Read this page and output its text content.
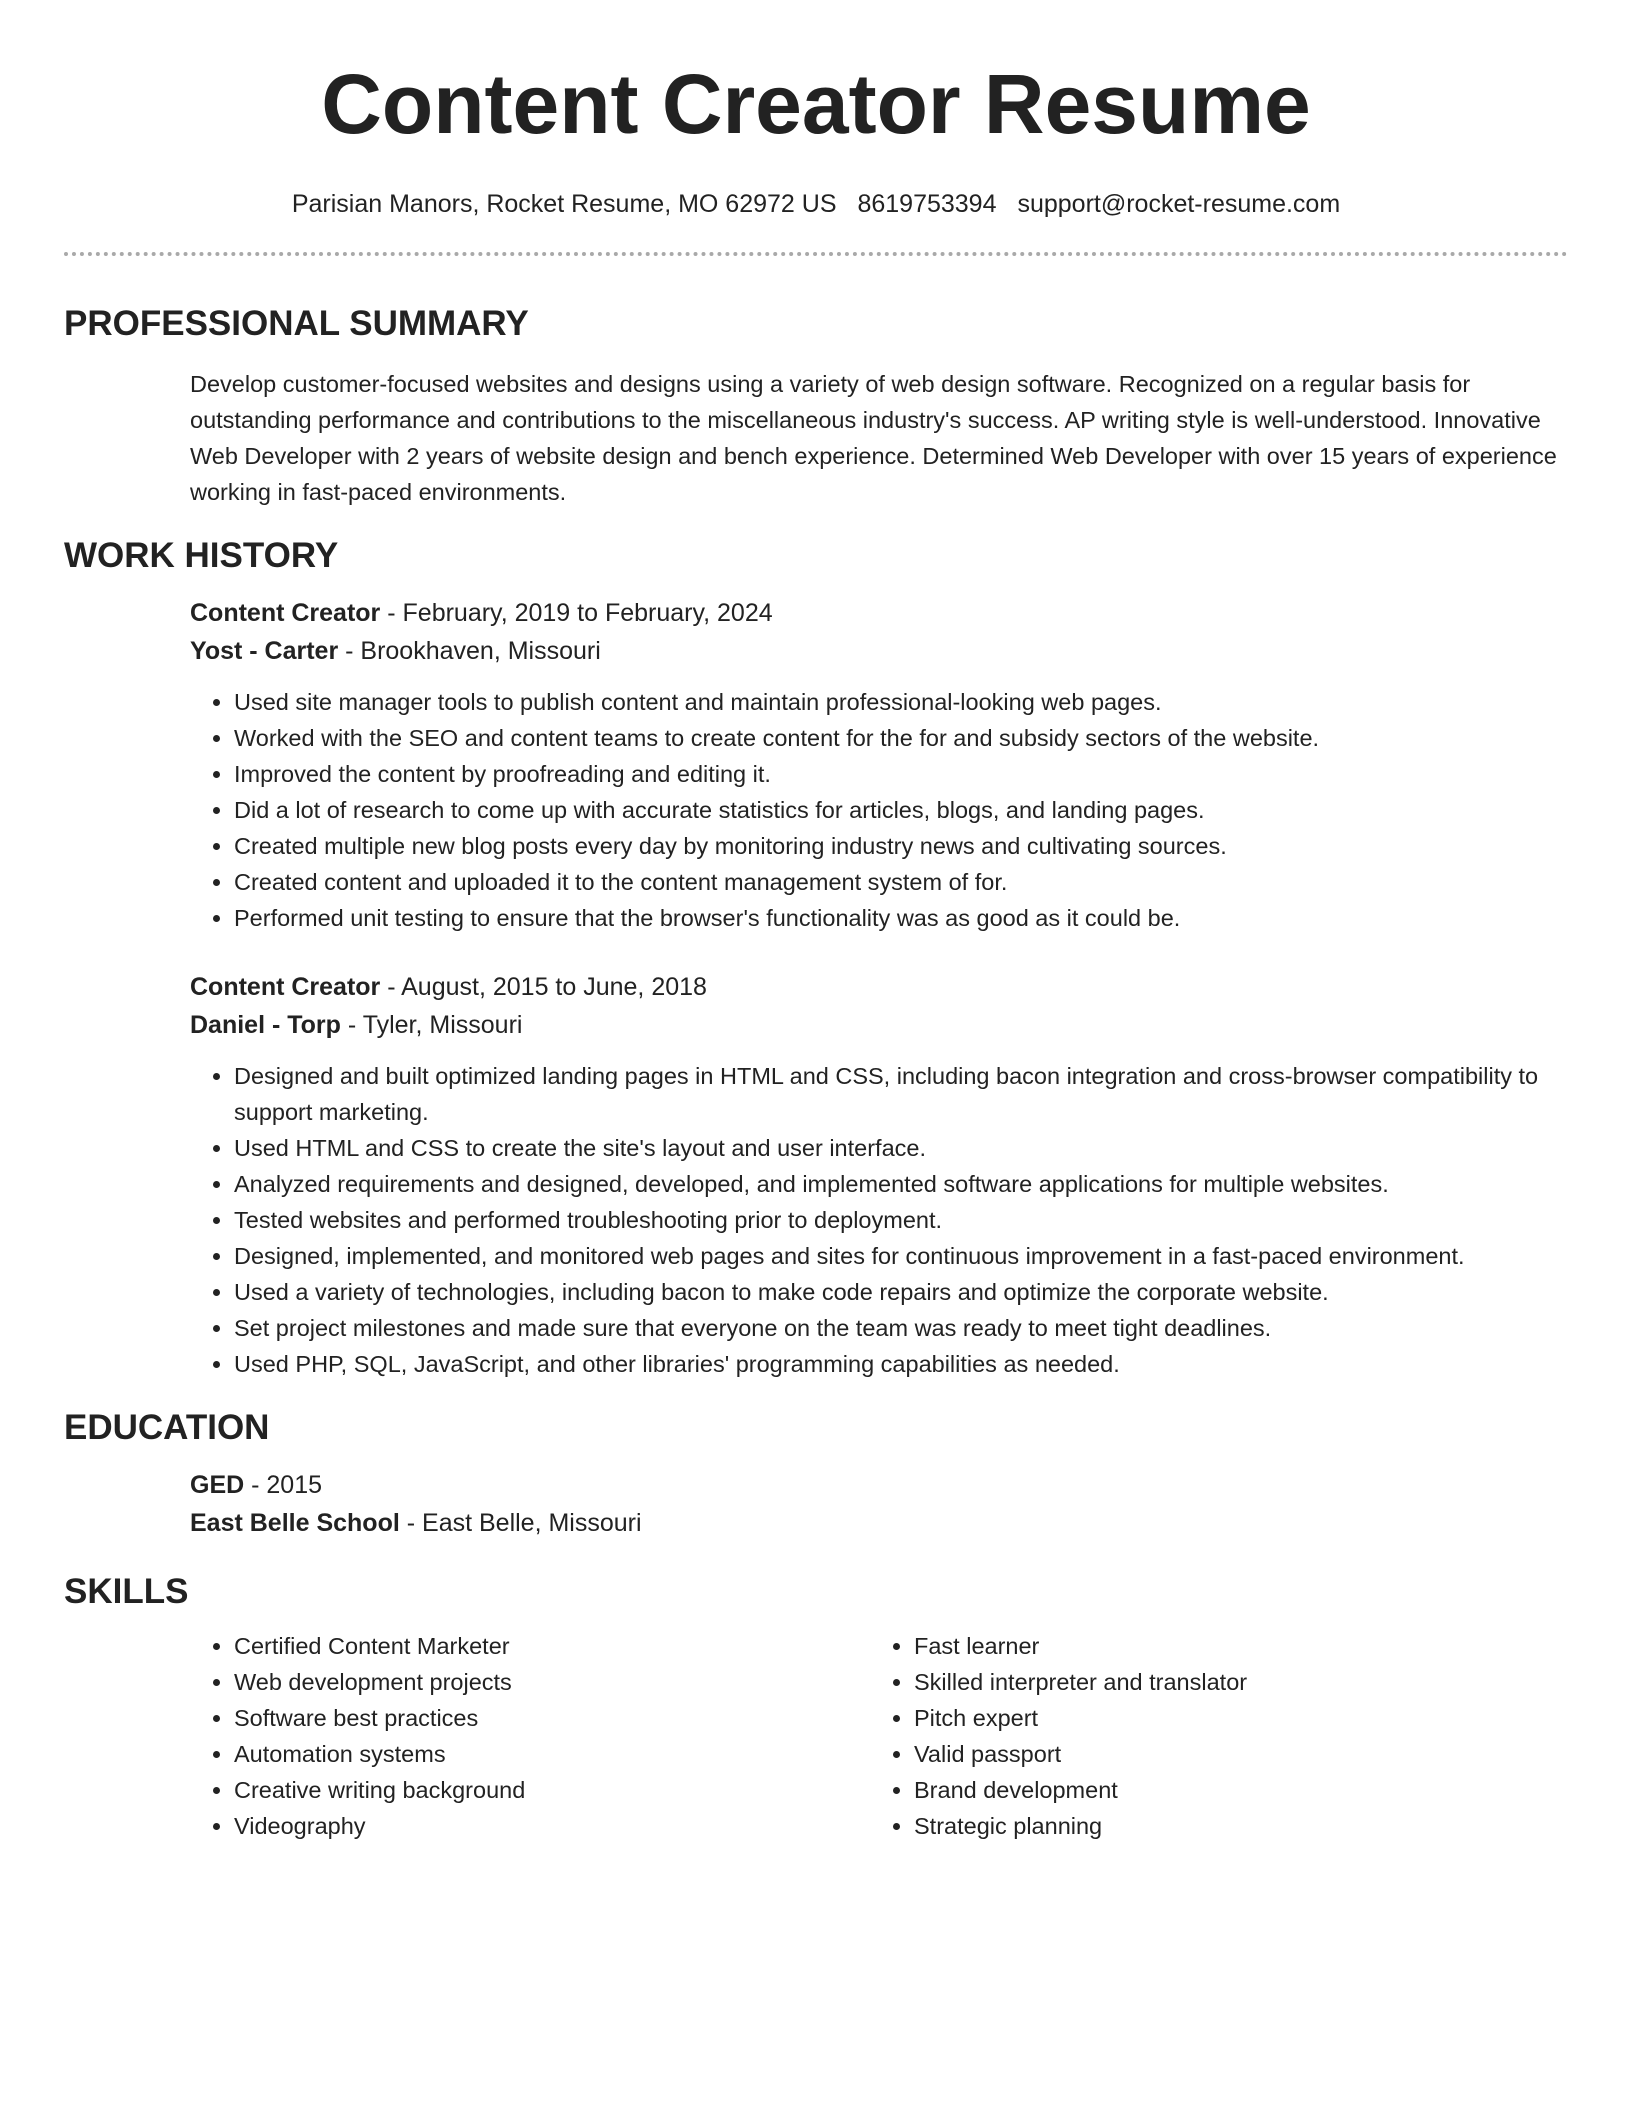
Content Creator Resume
Parisian Manors, Rocket Resume, MO 62972 US 8619753394 support@rocket-resume.com
PROFESSIONAL SUMMARY

Develop customer-focused websites and designs using a variety of web design software. Recognized on a regular basis for outstanding performance and contributions to the miscellaneous industry's success. AP writing style is well-understood. Innovative Web Developer with 2 years of website design and bench experience. Determined Web Developer with over 15 years of experience working in fast-paced environments.

WORK HISTORY

Content Creator - February, 2019 to February, 2024

Yost - Carter - Brookhaven, Missouri

• Used site manager tools to publish content and maintain professional-looking web pages.
• Worked with the SEO and content teams to create content for the for and subsidy sectors of the website.
• Improved the content by proofreading and editing it.
• Did a lot of research to come up with accurate statistics for articles, blogs, and landing pages.
• Created multiple new blog posts every day by monitoring industry news and cultivating sources.
• Created content and uploaded it to the content management system of for.
• Performed unit testing to ensure that the browser's functionality was as good as it could be.

Content Creator - August, 2015 to June, 2018

Daniel - Torp - Tyler, Missouri

• Designed and built optimized landing pages in HTML and CSS, including bacon integration and cross-browser compatibility to support marketing.
• Used HTML and CSS to create the site's layout and user interface.
• Analyzed requirements and designed, developed, and implemented software applications for multiple websites.
• Tested websites and performed troubleshooting prior to deployment.
• Designed, implemented, and monitored web pages and sites for continuous improvement in a fast-paced environment.
• Used a variety of technologies, including bacon to make code repairs and optimize the corporate website.
• Set project milestones and made sure that everyone on the team was ready to meet tight deadlines.
• Used PHP, SQL, JavaScript, and other libraries' programming capabilities as needed.
EDUCATION

GED - 2015

East Belle School - East Belle, Missouri

SKILLS
• Certified Content Marketer
• Web development projects
• Software best practices
• Automation systems
• Creative writing background
• Videography
• Fast learner
• Skilled interpreter and translator
• Pitch expert
• Valid passport
• Brand development
• Strategic planning
